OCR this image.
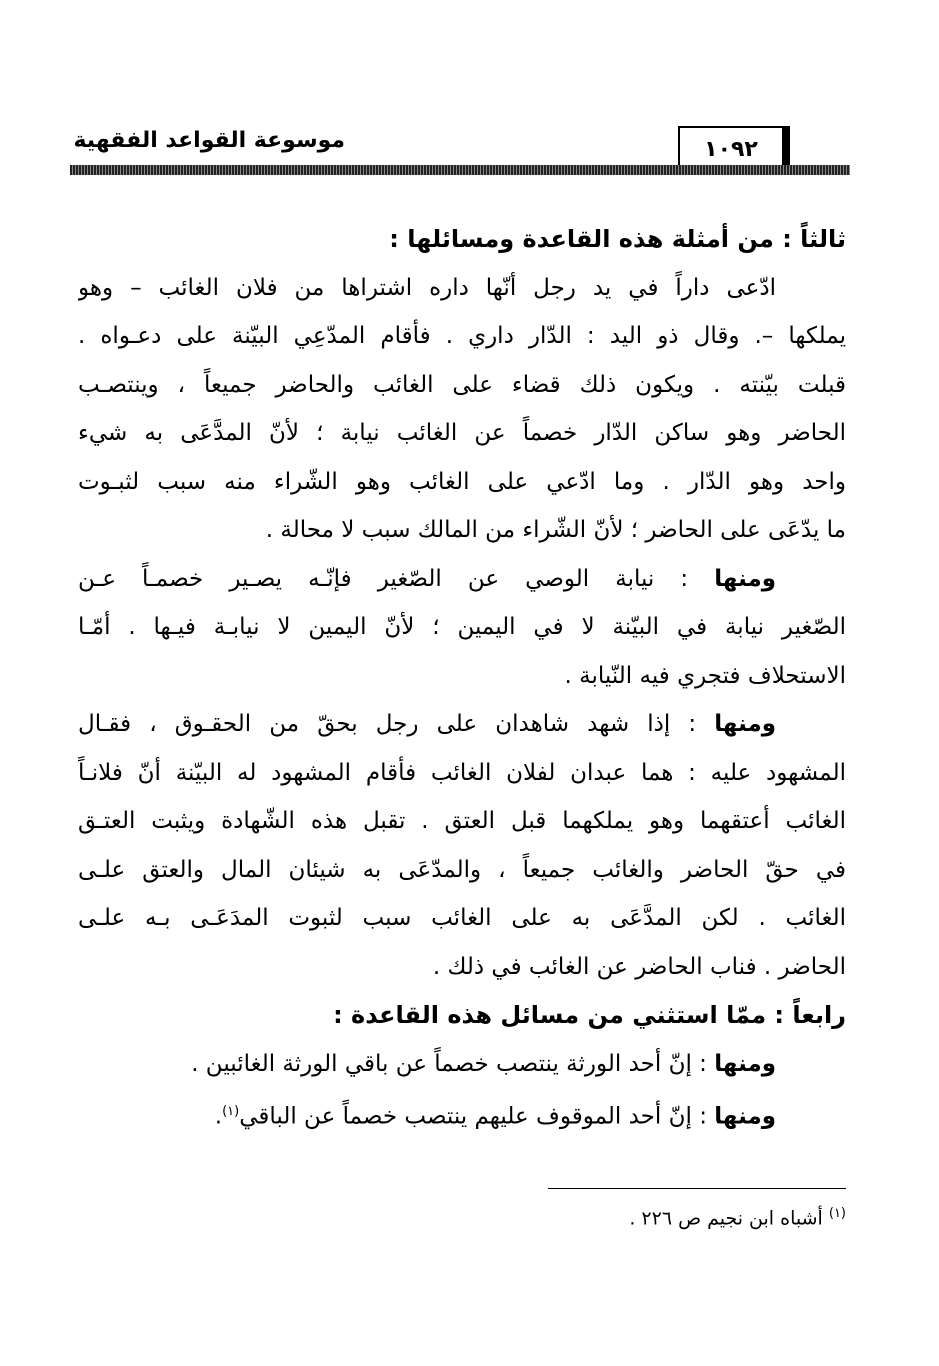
موسوعة القواعد الفقهية	١٠٩٢
ثالثاً : من أمثلة هذه القاعدة ومسائلها :
ادّعى داراً في يد رجل أنّها داره اشتراها من فلان الغائب – وهو
يملكها –. وقال ذو اليد : الدّار داري . فأقام المدّعِي البيّنة على دعـواه .
قبلت بيّنته . ويكون ذلك قضاء على الغائب والحاضر جميعاً ، وينتصـب
الحاضر وهو ساكن الدّار خصماً عن الغائب نيابة ؛ لأنّ المدَّعَى به شيء
واحد وهو الدّار . وما ادّعي على الغائب وهو الشّراء منه سبب لثبـوت
ما يدّعَى على الحاضر ؛ لأنّ الشّراء من المالك سبب لا محالة .
ومنها : نيابة الوصي عن الصّغير فإنّـه يصـير خصمـاً عـن
الصّغير نيابة في البيّنة لا في اليمين ؛ لأنّ اليمين لا نيابـة فيـها . أمّـا
الاستحلاف فتجري فيه النّيابة .
ومنها : إذا شهد شاهدان على رجل بحقّ من الحقـوق ، فقـال
المشهود عليه : هما عبدان لفلان الغائب فأقام المشهود له البيّنة أنّ فلانـاً
الغائب أعتقهما وهو يملكهما قبل العتق . تقبل هذه الشّهادة ويثبت العتـق
في حقّ الحاضر والغائب جميعاً ، والمدّعَى به شيئان المال والعتق علـى
الغائب . لكن المدَّعَى به على الغائب سبب لثبوت المدَعَـى بـه علـى
الحاضر . فناب الحاضر عن الغائب في ذلك .
رابعاً : ممّا استثني من مسائل هذه القاعدة :
ومنها : إنّ أحد الورثة ينتصب خصماً عن باقي الورثة الغائبين .
ومنها : إنّ أحد الموقوف عليهم ينتصب خصماً عن الباقي$^{(١)}$.
$^{(١)}$ أشباه ابن نجيم ص ٢٢٦ .
